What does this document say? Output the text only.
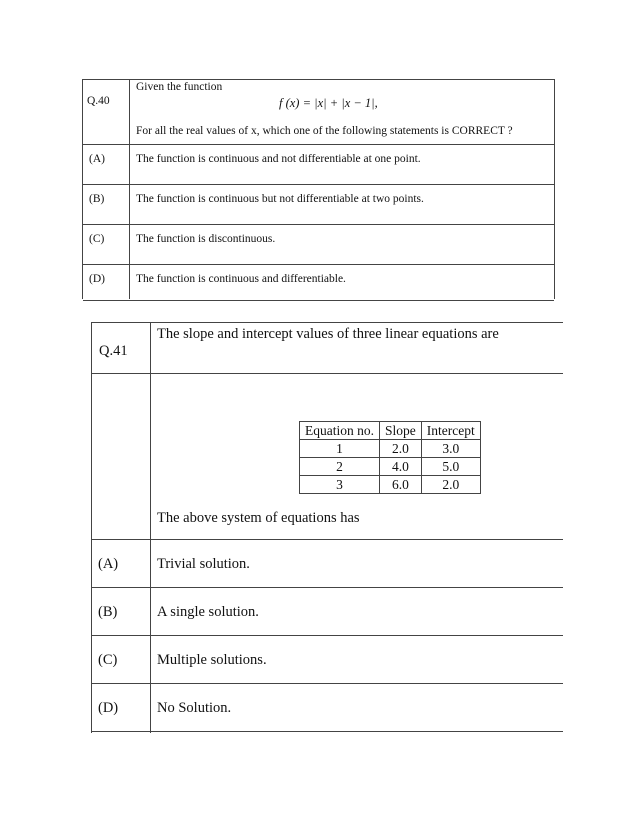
Q.40
Given the function
f (x) = |x| + |x − 1|,
For all the real values of x, which one of the following statements is CORRECT ?
(A)	The function is continuous and not differentiable at one point.
(B)	The function is continuous but not differentiable at two points.
(C)	The function is discontinuous.
(D)	The function is continuous and differentiable.
Q.41
The slope and intercept values of three linear equations are
Equation no.	Slope	Intercept
1	2.0	3.0
2	4.0	5.0
3	6.0	2.0
The above system of equations has
(A)	Trivial solution.
(B)	A single solution.
(C)	Multiple solutions.
(D)	No Solution.
